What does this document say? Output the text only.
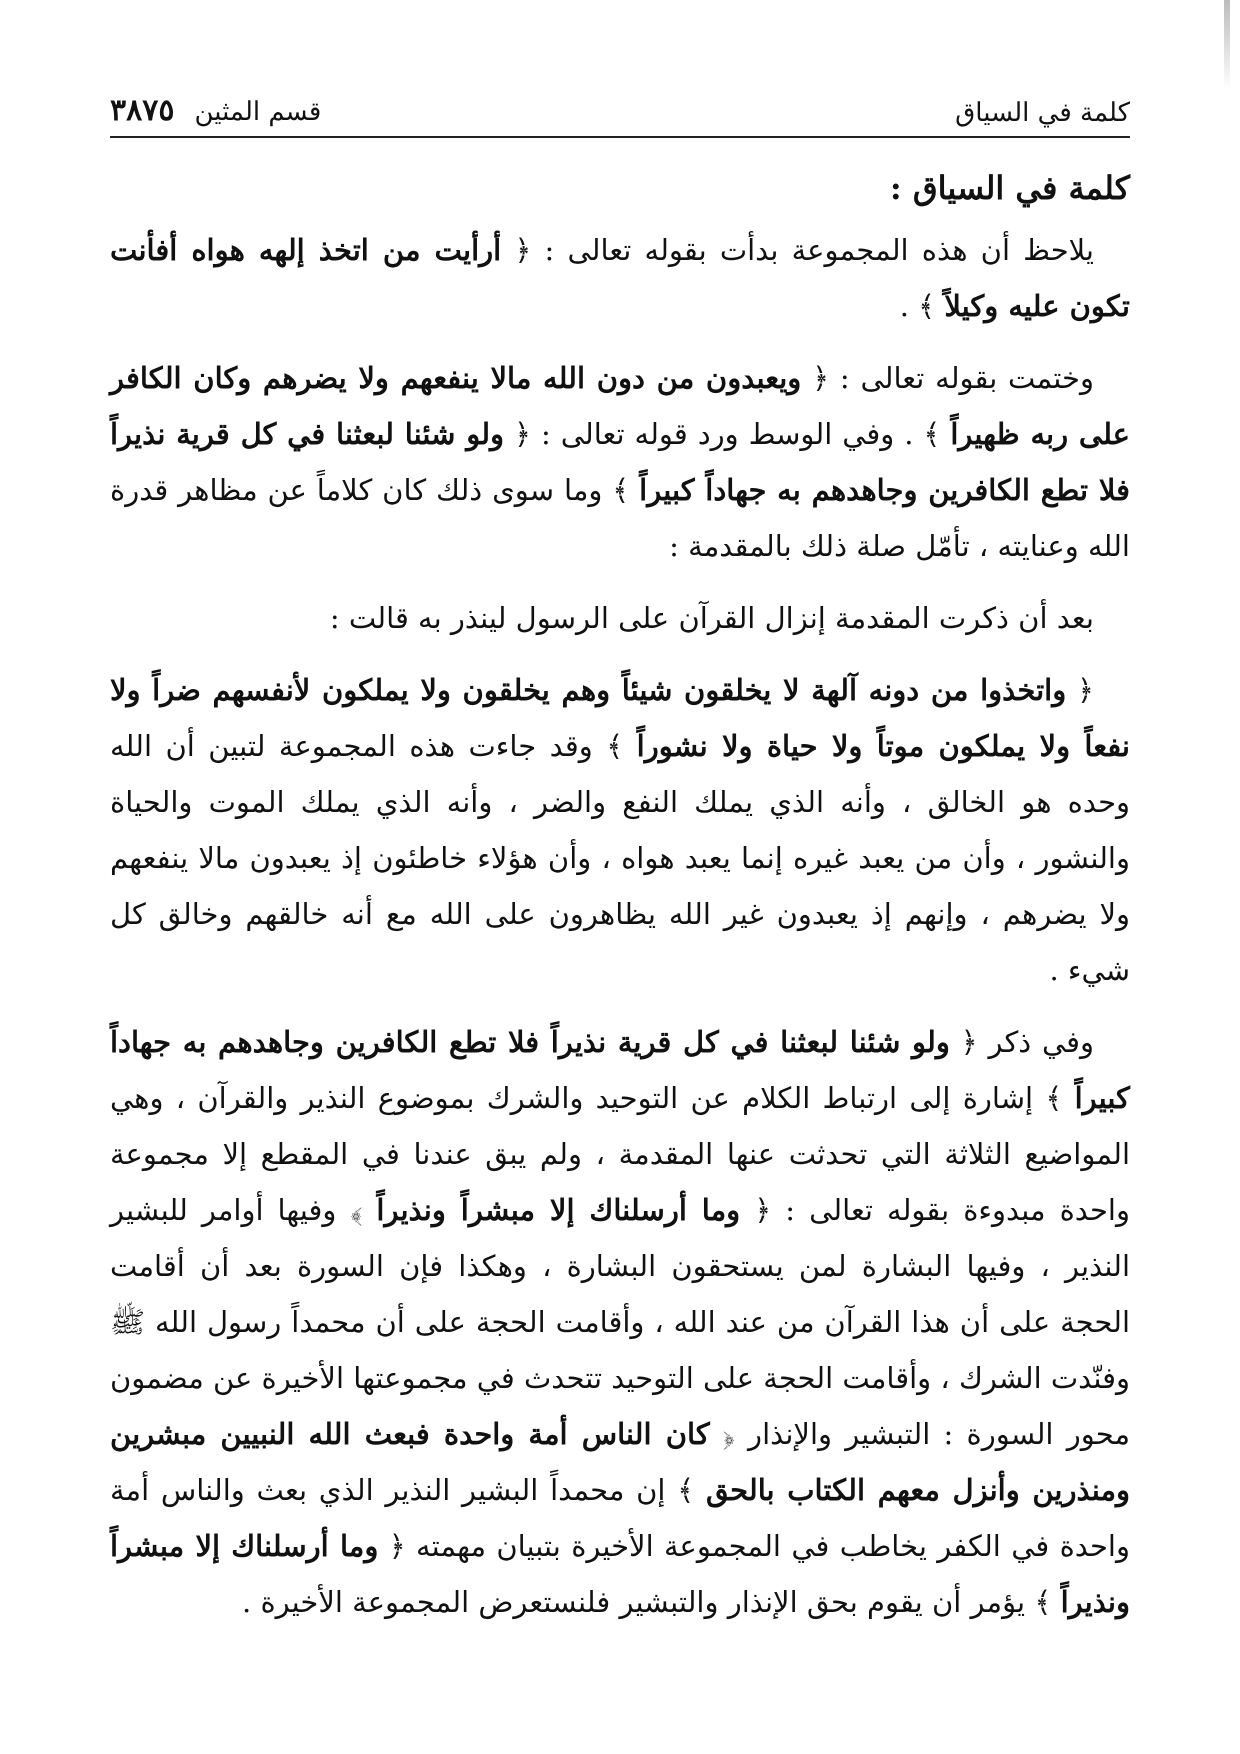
كلمة في السياق
قسم المثين
٣٨٧٥
كلمة في السياق :

يلاحظ أن هذه المجموعة بدأت بقوله تعالى : ﴿ أرأيت من اتخذ إلهه هواه أفأنت تكون عليه وكيلاً ﴾ .

وختمت بقوله تعالى : ﴿ ويعبدون من دون الله مالا ينفعهم ولا يضرهم وكان الكافر على ربه ظهيراً ﴾ . وفي الوسط ورد قوله تعالى : ﴿ ولو شئنا لبعثنا في كل قرية نذيراً فلا تطع الكافرين وجاهدهم به جهاداً كبيراً ﴾ وما سوى ذلك كان كلاماً عن مظاهر قدرة الله وعنايته ، تأمّل صلة ذلك بالمقدمة :

بعد أن ذكرت المقدمة إنزال القرآن على الرسول لينذر به قالت :

﴿ واتخذوا من دونه آلهة لا يخلقون شيئاً وهم يخلقون ولا يملكون لأنفسهم ضراً ولا نفعاً ولا يملكون موتاً ولا حياة ولا نشوراً ﴾ وقد جاءت هذه المجموعة لتبين أن الله وحده هو الخالق ، وأنه الذي يملك النفع والضر ، وأنه الذي يملك الموت والحياة والنشور ، وأن من يعبد غيره إنما يعبد هواه ، وأن هؤلاء خاطئون إذ يعبدون مالا ينفعهم ولا يضرهم ، وإنهم إذ يعبدون غير الله يظاهرون على الله مع أنه خالقهم وخالق كل شيء .

وفي ذكر ﴿ ولو شئنا لبعثنا في كل قرية نذيراً فلا تطع الكافرين وجاهدهم به جهاداً كبيراً ﴾ إشارة إلى ارتباط الكلام عن التوحيد والشرك بموضوع النذير والقرآن ، وهي المواضيع الثلاثة التي تحدثت عنها المقدمة ، ولم يبق عندنا في المقطع إلا مجموعة واحدة مبدوءة بقوله تعالى : ﴿ وما أرسلناك إلا مبشراً ونذيراً ﴾ وفيها أوامر للبشير النذير ، وفيها البشارة لمن يستحقون البشارة ، وهكذا فإن السورة بعد أن أقامت الحجة على أن هذا القرآن من عند الله ، وأقامت الحجة على أن محمداً رسول الله ﷺ وفنّدت الشرك ، وأقامت الحجة على التوحيد تتحدث في مجموعتها الأخيرة عن مضمون محور السورة : التبشير والإنذار ﴿ كان الناس أمة واحدة فبعث الله النبيين مبشرين ومنذرين وأنزل معهم الكتاب بالحق ﴾ إن محمداً البشير النذير الذي بعث والناس أمة واحدة في الكفر يخاطب في المجموعة الأخيرة بتبيان مهمته ﴿ وما أرسلناك إلا مبشراً ونذيراً ﴾ يؤمر أن يقوم بحق الإنذار والتبشير فلنستعرض المجموعة الأخيرة .
